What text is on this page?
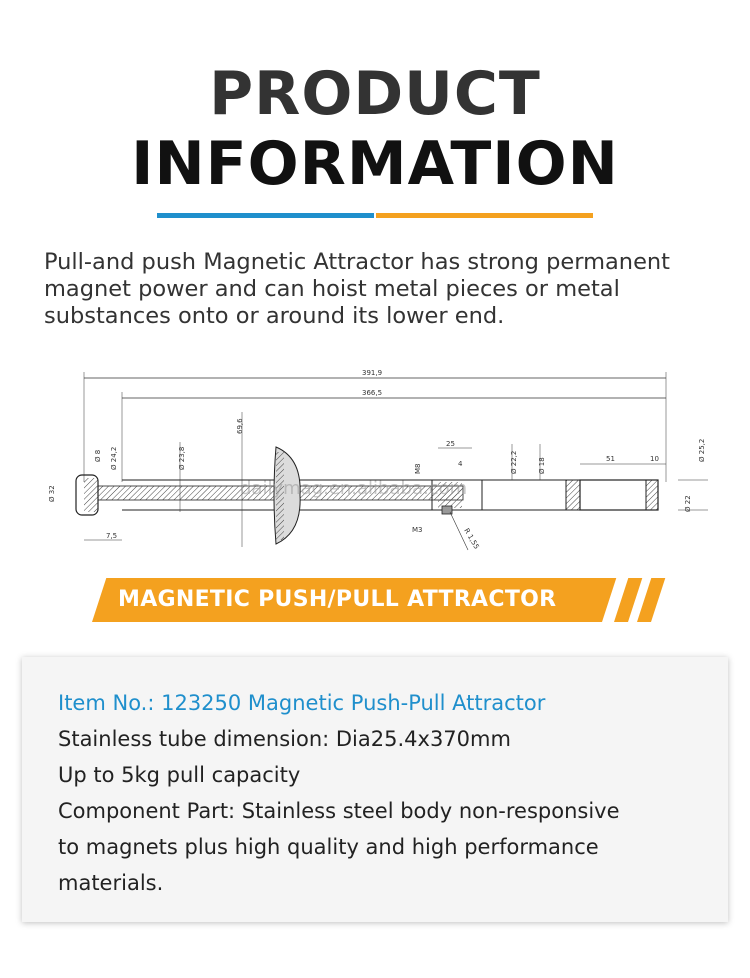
PRODUCT
INFORMATION

Pull-and push Magnetic Attractor has strong permanent magnet power and can hoist metal pieces or metal substances onto or around its lower end.

391,9
366,5
Ø 32
7,5
Ø 8 Ø 24,2	Ø 23,8
69,6
25
4
M8
M3	R 1,55
Ø 22,2	Ø 18	51	10	Ø 25,2
Ø 22
dailymag.en.alibaba.com
MAGNETIC PUSH/PULL ATTRACTOR

Item No.: 123250 Magnetic Push-Pull Attractor

Stainless tube dimension: Dia25.4x370mm

Up to 5kg pull capacity

Component Part: Stainless steel body non-responsive

to magnets plus high quality and high performance

materials.
